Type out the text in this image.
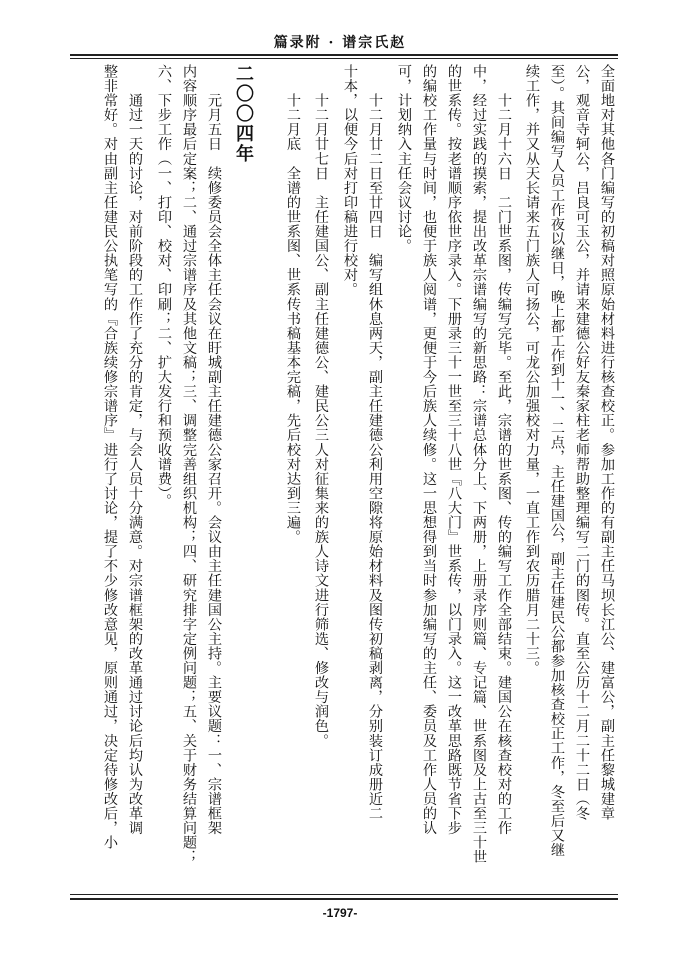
篇录附 · 谱宗氏赵
全面地对其他各门编写的初稿对照原始材料进行核查校正。参加工作的有副主任马坝长江公、建富公，副主任黎城建章
公，观音寺轲公，吕良可玉公，并请来建德公好友秦家柱老师帮助整理编写二门的图传。直至公历十二月二十二日（冬
至）。其间编写人员工作夜以继日，晚上都工作到十一、二点，主任建国公，副主任建民公都参加核查校正工作，冬至后又继
续工作，并又从天长请来五门族人可扬公，可龙公加强校对力量，一直工作到农历腊月二十三。
　　十二月十六日　二门世系图，传编写完毕。至此，宗谱的世系图、传的编写工作全部结束。建国公在核查校对的工作
中，经过实践的摸索，提出改革宗谱编写的新思路：宗谱总体分上、下两册，上册录序则篇、专记篇、世系图及上古至三十世
的世系传。按老谱顺序依世序录入。下册录三十一世至三十八世『八大门』世系传，以门录入。这一改革思路既节省下步
的编校工作量与时间，也便于族人阅谱，更便于今后族人续修。这一思想得到当时参加编写的主任、委员及工作人员的认
可，计划纳入主任会议讨论。
　　十二月廿二日至廿四日　编写组休息两天，副主任建德公利用空隙将原始材料及图传初稿剥离，分别装订成册近二
十本，以便今后对打印稿进行校对。
　　十二月廿七日　主任建国公、副主任建德公、建民公三人对征集来的族人诗文进行筛选、修改与润色。
　　十二月底　全谱的世系图、世系传书稿基本完稿，先后校对达到三遍。
二〇〇四年
　　元月五日　续修委员会全体主任会议在盱城副主任建德公家召开。会议由主任建国公主持。主要议题：一、宗谱框架
内容顺序最后定案；二、通过宗谱序及其他文稿；三、调整完善组织机构；四、研究排字定例问题；五、关于财务结算问题；
六、下步工作（一、打印、校对、印刷；二、扩大发行和预收谱费）。
　　通过一天的讨论，对前阶段的工作作了充分的肯定，与会人员十分满意。对宗谱框架的改革通过讨论后均认为改革调
整非常好。对由副主任建民公执笔写的『合族续修宗谱序』进行了讨论，提了不少修改意见，原则通过，决定待修改后，小
-1797-
